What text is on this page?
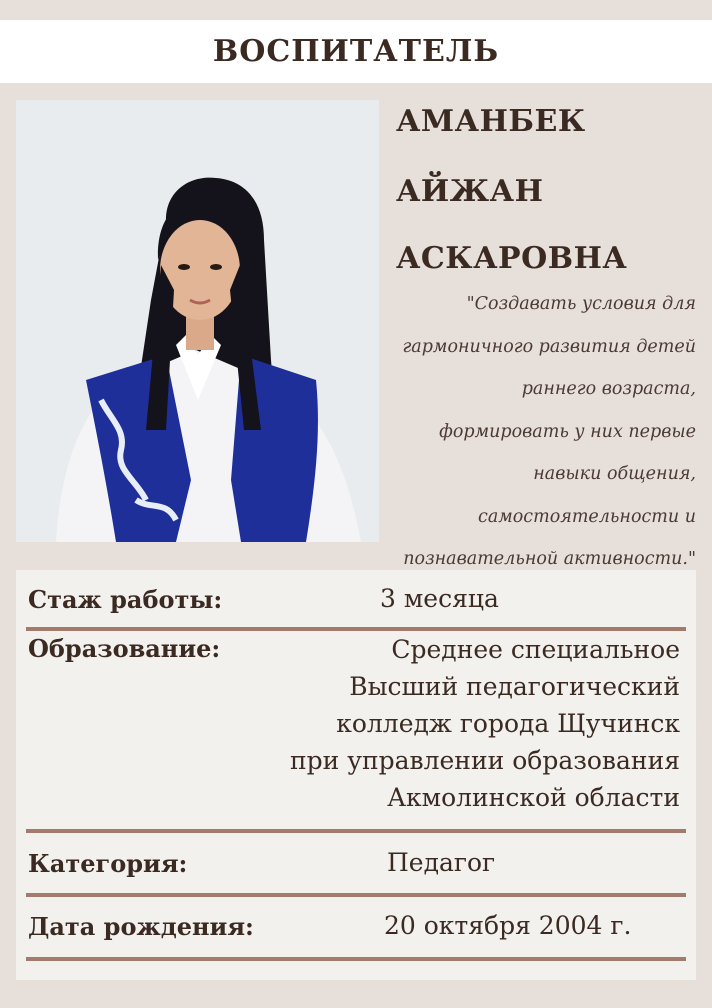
ВОСПИТАТЕЛЬ
АМАНБЕК
АЙЖАН
АСКАРОВНА
"Создавать условия для
гармоничного развития детей
раннего возраста,
формировать у них первые
навыки общения,
самостоятельности и
познавательной активности."
Стаж работы:	3 месяца
Образование:	Среднее специальное
Высший педагогический
колледж города Щучинск
при управлении образования
Акмолинской области
Категория:	Педагог
Дата рождения:	20 октября 2004 г.
